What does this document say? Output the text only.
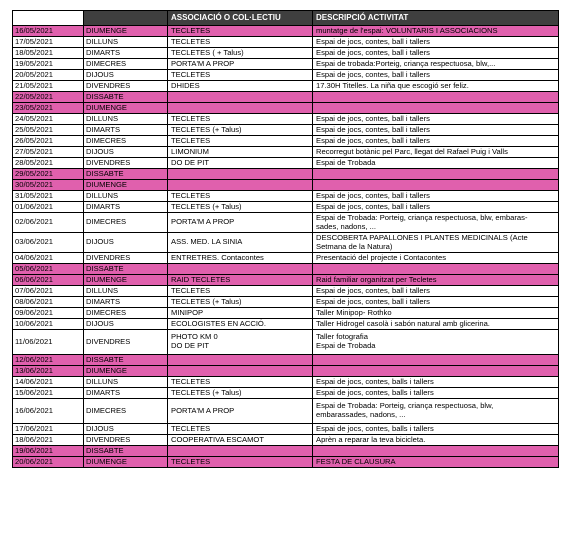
		ASSOCIACIÓ O COL·LECTIU	DESCRIPCIÓ ACTIVITAT

16/05/2021	DIUMENGE	TECLETES	muntatge de l'espai: VOLUNTARIS I ASSOCIACIONS

17/05/2021	DILLUNS	TECLETES	Espai de jocs, contes, ball i tallers

18/05/2021	DIMARTS	TECLETES ( + Talus)	Espai de jocs, contes, ball i tallers

19/05/2021	DIMECRES	PORTA'M A PROP	Espai de trobada:Porteig, criança respectuosa, blw,...

20/05/2021	DIJOUS	TECLETES	Espai de jocs, contes, ball i tallers

21/05/2021	DIVENDRES	DHIDES	17.30H Titelles. La niña que escogió ser feliz.

22/05/2021	DISSABTE		

23/05/2021	DIUMENGE		

24/05/2021	DILLUNS	TECLETES	Espai de jocs, contes, ball i tallers

25/05/2021	DIMARTS	TECLETES (+ Talus)	Espai de jocs, contes, ball i tallers

26/05/2021	DIMECRES	TECLETES	Espai de jocs, contes, ball i tallers

27/05/2021	DIJOUS	LIMONIUM	Recorregut botànic pel Parc, llegat del Rafael Puig i Valls

28/05/2021	DIVENDRES	DO DE PIT	Espai de Trobada

29/05/2021	DISSABTE		

30/05/2021	DIUMENGE		

31/05/2021	DILLUNS	TECLETES	Espai de jocs, contes, ball i tallers

01/06/2021	DIMARTS	TECLETES (+ Talus)	Espai de jocs, contes, ball i tallers

02/06/2021	DIMECRES	PORTA'M A PROP	Espai de Trobada: Porteig, criança respectuosa, blw, embaras-
sades, nadons, ...

03/06/2021	DIJOUS	ASS. MED. LA SINIA	DESCOBERTA PAPALLONES I PLANTES MEDICINALS (Acte
Setmana de la Natura)

04/06/2021	DIVENDRES	ENTRETRES. Contacontes	Presentació del projecte i Contacontes

05/06/2021	DISSABTE		

06/06/2021	DIUMENGE	RAID TECLETES	Raid familiar organitzat per Tecletes

07/06/2021	DILLUNS	TECLETES	Espai de jocs, contes, ball i tallers

08/06/2021	DIMARTS	TECLETES (+ Talus)	Espai de jocs, contes, ball i tallers

09/06/2021	DIMECRES	MINIPOP	Taller Minipop- Rothko

10/06/2021	DIJOUS	ECOLOGISTES EN ACCIÓ.	Taller Hidrogel casolà i sabón natural amb glicerina.

11/06/2021	DIVENDRES	PHOTO KM 0
DO DE PIT	Taller fotografia
Espai de Trobada

12/06/2021	DISSABTE		

13/06/2021	DIUMENGE		

14/06/2021	DILLUNS	TECLETES	Espai de jocs, contes, balls i tallers

15/06/2021	DIMARTS	TECLETES (+ Talus)	Espai de jocs, contes, balls i tallers

16/06/2021	DIMECRES	PORTA'M A PROP	Espai de Trobada: Porteig, criança respectuosa, blw,
embarassades, nadons, ...

17/06/2021	DIJOUS	TECLETES	Espai de jocs, contes, balls i tallers

18/06/2021	DIVENDRES	COOPERATIVA ESCAMOT	Aprèn a reparar la teva bicicleta.

19/06/2021	DISSABTE		

20/06/2021	DIUMENGE	TECLETES	FESTA DE CLAUSURA
